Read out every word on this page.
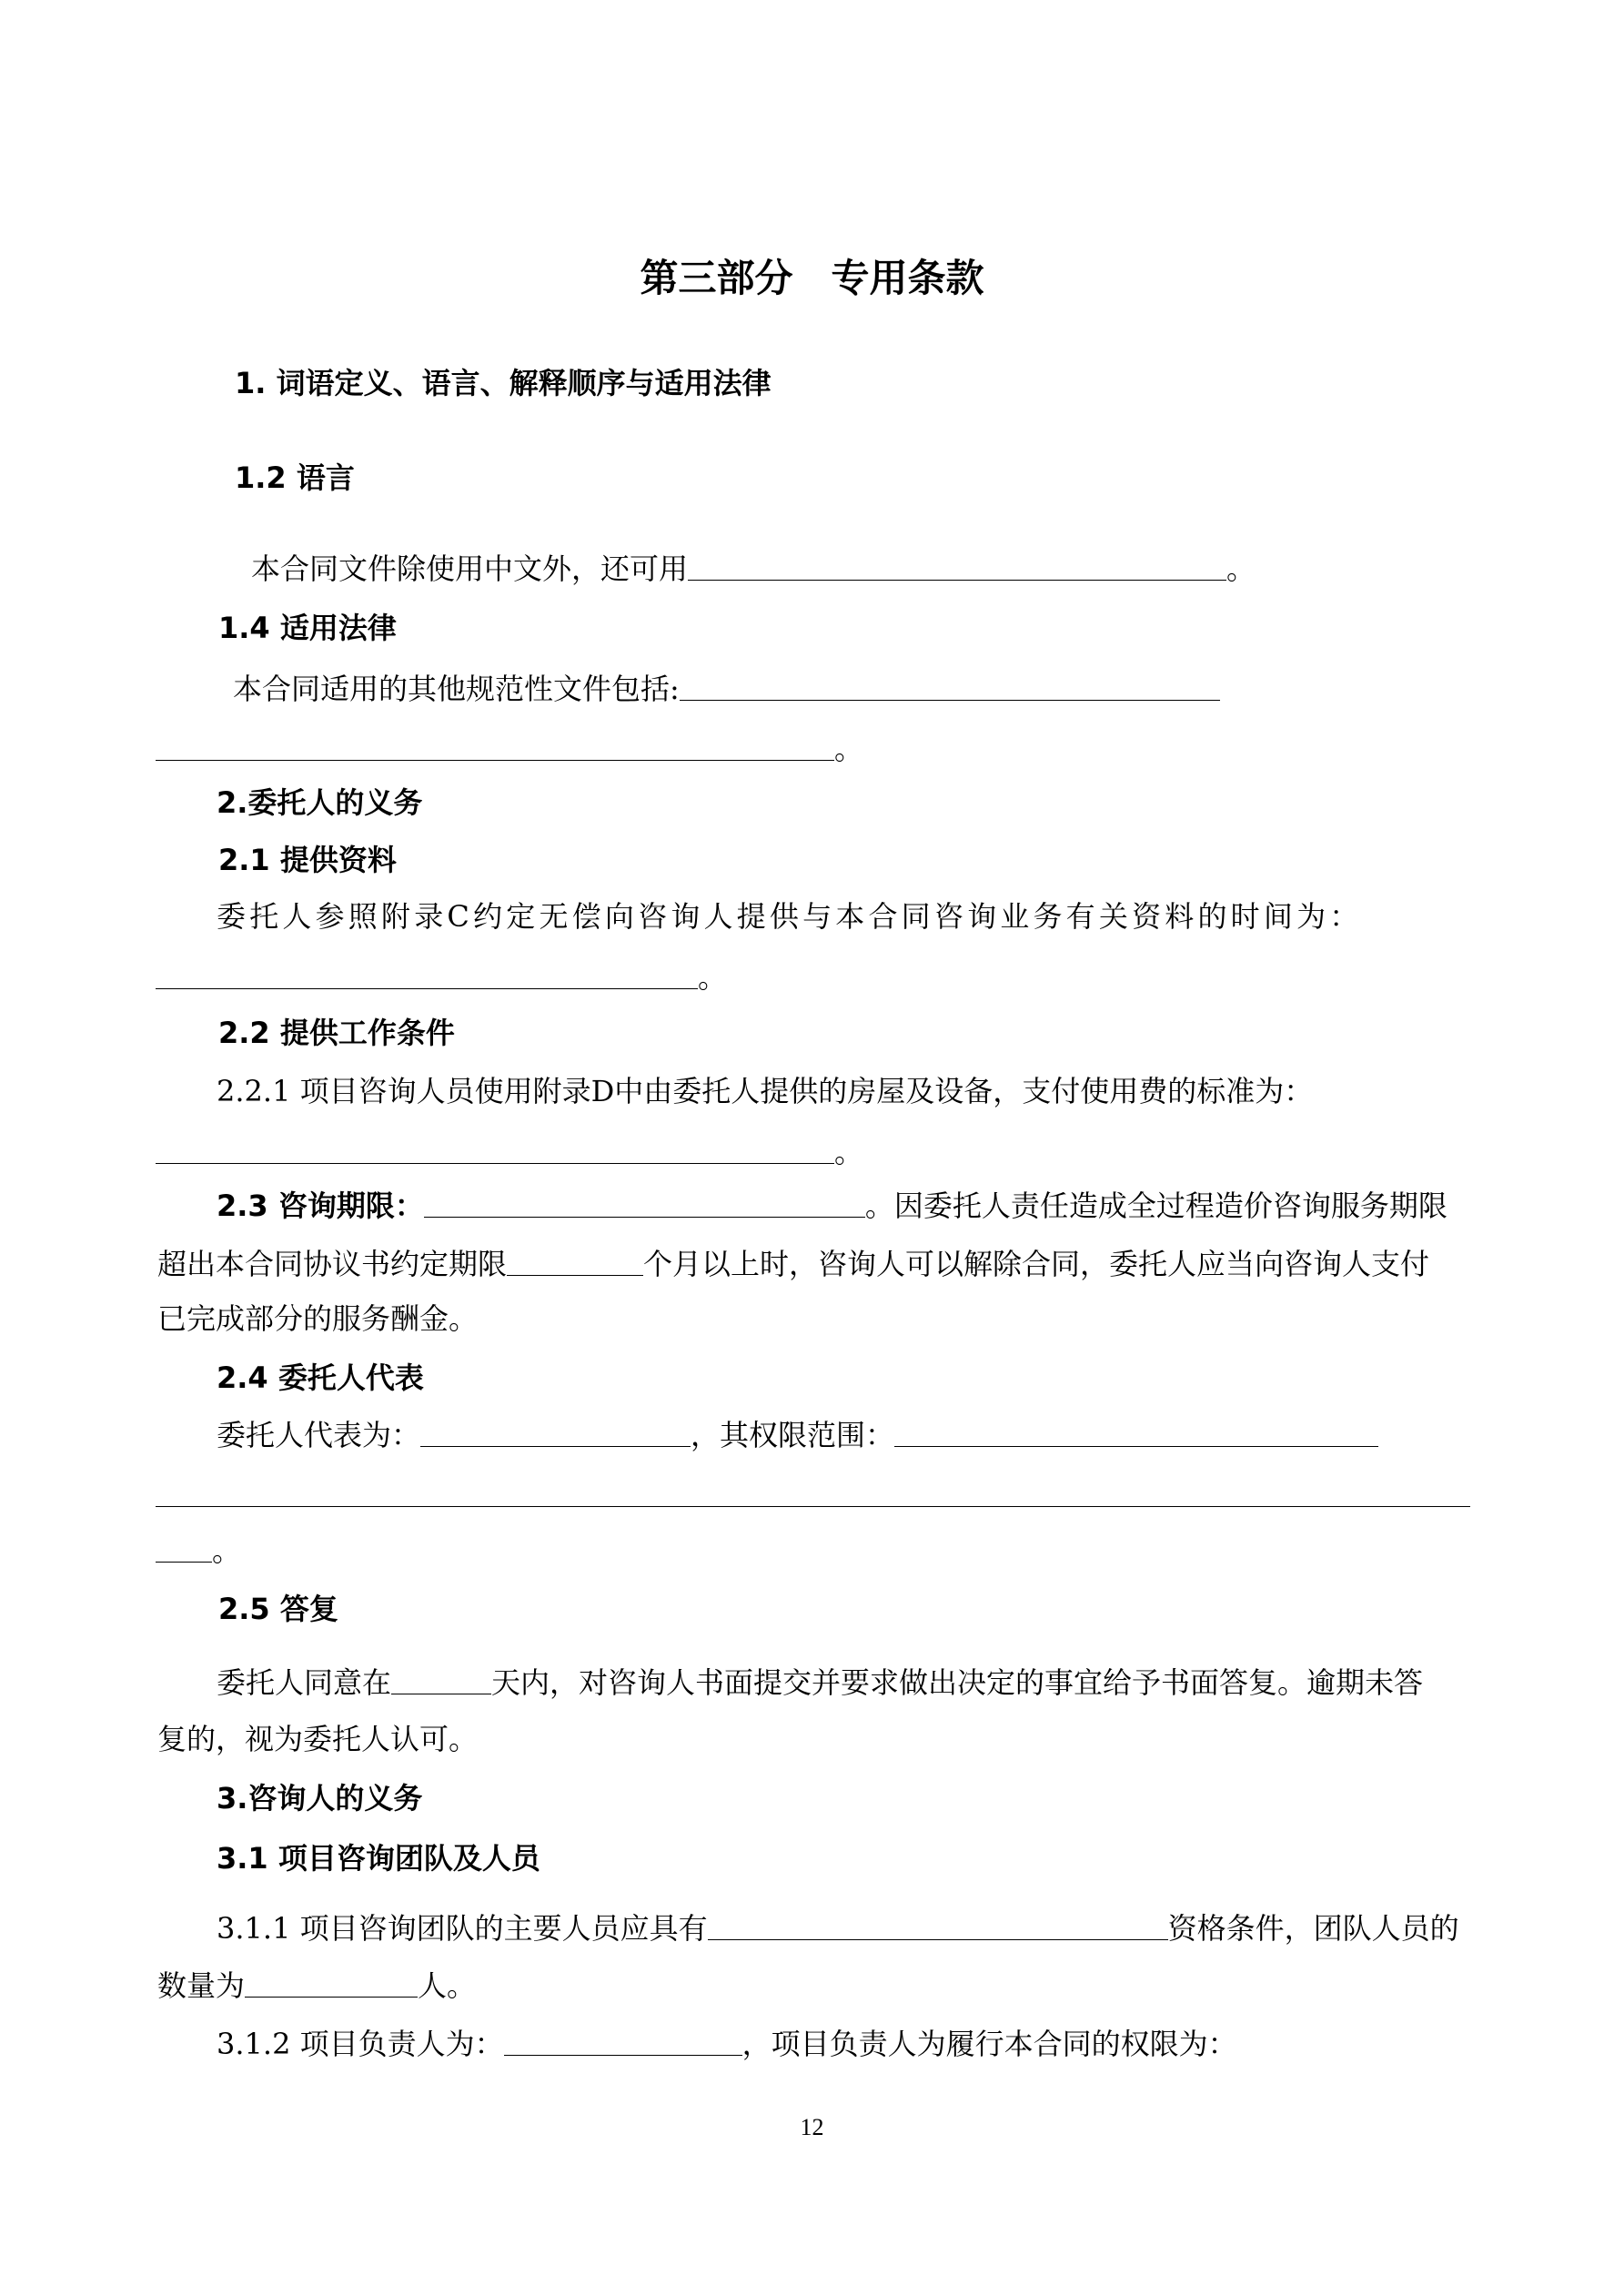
第三部分　专用条款
1. 词语定义、语言、解释顺序与适用法律
1.2 语言
本合同文件除使用中文外，还可用	。
1.4 适用法律
本合同适用的其他规范性文件包括:
。
2.委托人的义务
2.1 提供资料
委托人参照附录C约定无偿向咨询人提供与本合同咨询业务有关资料的时间为：
。
2.2 提供工作条件
2.2.1 项目咨询人员使用附录D中由委托人提供的房屋及设备，支付使用费的标准为：
。
2.3 咨询期限：	。因委托人责任造成全过程造价咨询服务期限
超出本合同协议书约定期限	个月以上时，咨询人可以解除合同，委托人应当向咨询人支付
已完成部分的服务酬金。
2.4 委托人代表
委托人代表为：	，其权限范围：
。
2.5 答复
委托人同意在	天内，对咨询人书面提交并要求做出决定的事宜给予书面答复。逾期未答
复的，视为委托人认可。
3.咨询人的义务
3.1 项目咨询团队及人员
3.1.1 项目咨询团队的主要人员应具有	资格条件，团队人员的
数量为	人。
3.1.2 项目负责人为：	，项目负责人为履行本合同的权限为：
12
